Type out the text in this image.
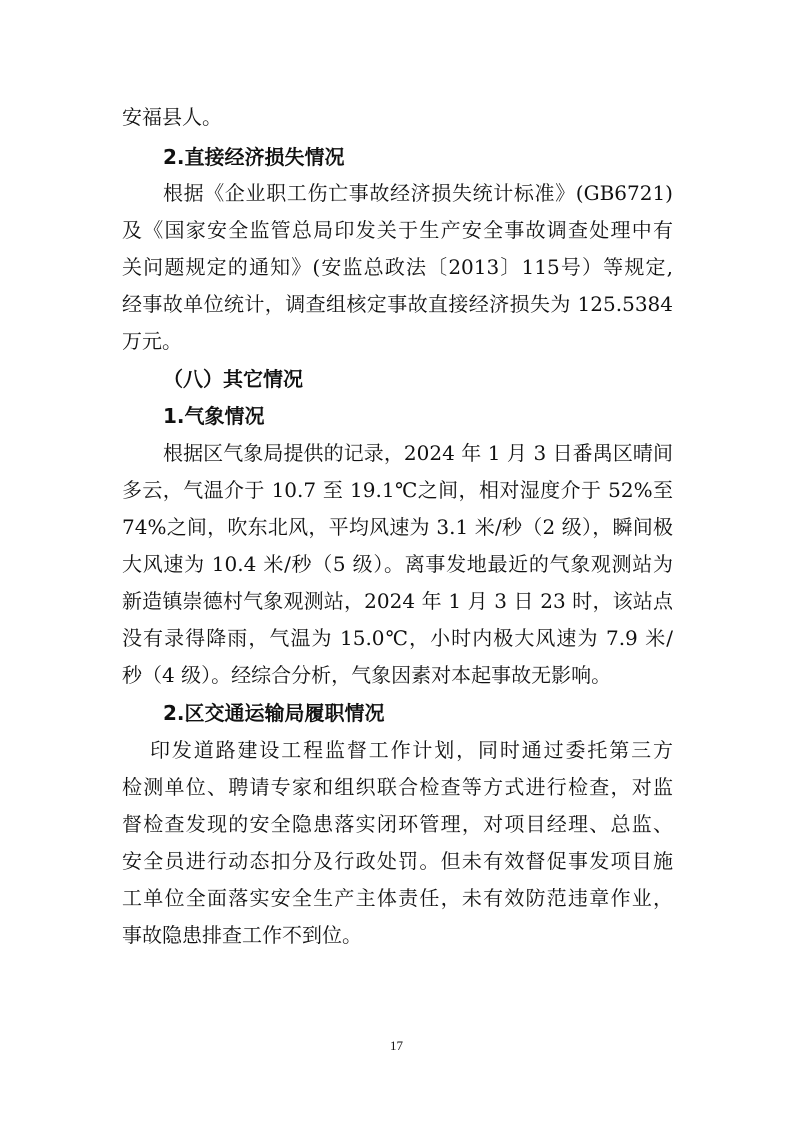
安福县人。
2.直接经济损失情况
根据《企业职工伤亡事故经济损失统计标准》(GB6721)
及《国家安全监管总局印发关于生产安全事故调查处理中有
关问题规定的通知》(安监总政法〔2013〕115号）等规定,
经事故单位统计，调查组核定事故直接经济损失为 125.5384
万元。
（八）其它情况
1.气象情况
根据区气象局提供的记录，2024 年 1 月 3 日番禺区晴间
多云，气温介于 10.7 至 19.1℃之间，相对湿度介于 52%至
74%之间，吹东北风，平均风速为 3.1 米/秒（2 级），瞬间极
大风速为 10.4 米/秒（5 级）。离事发地最近的气象观测站为
新造镇崇德村气象观测站，2024 年 1 月 3 日 23 时，该站点
没有录得降雨，气温为 15.0℃，小时内极大风速为 7.9 米/
秒（4 级）。经综合分析，气象因素对本起事故无影响。
2.区交通运输局履职情况
印发道路建设工程监督工作计划，同时通过委托第三方
检测单位、聘请专家和组织联合检查等方式进行检查，对监
督检查发现的安全隐患落实闭环管理，对项目经理、总监、
安全员进行动态扣分及行政处罚。但未有效督促事发项目施
工单位全面落实安全生产主体责任，未有效防范违章作业，
事故隐患排查工作不到位。
17
